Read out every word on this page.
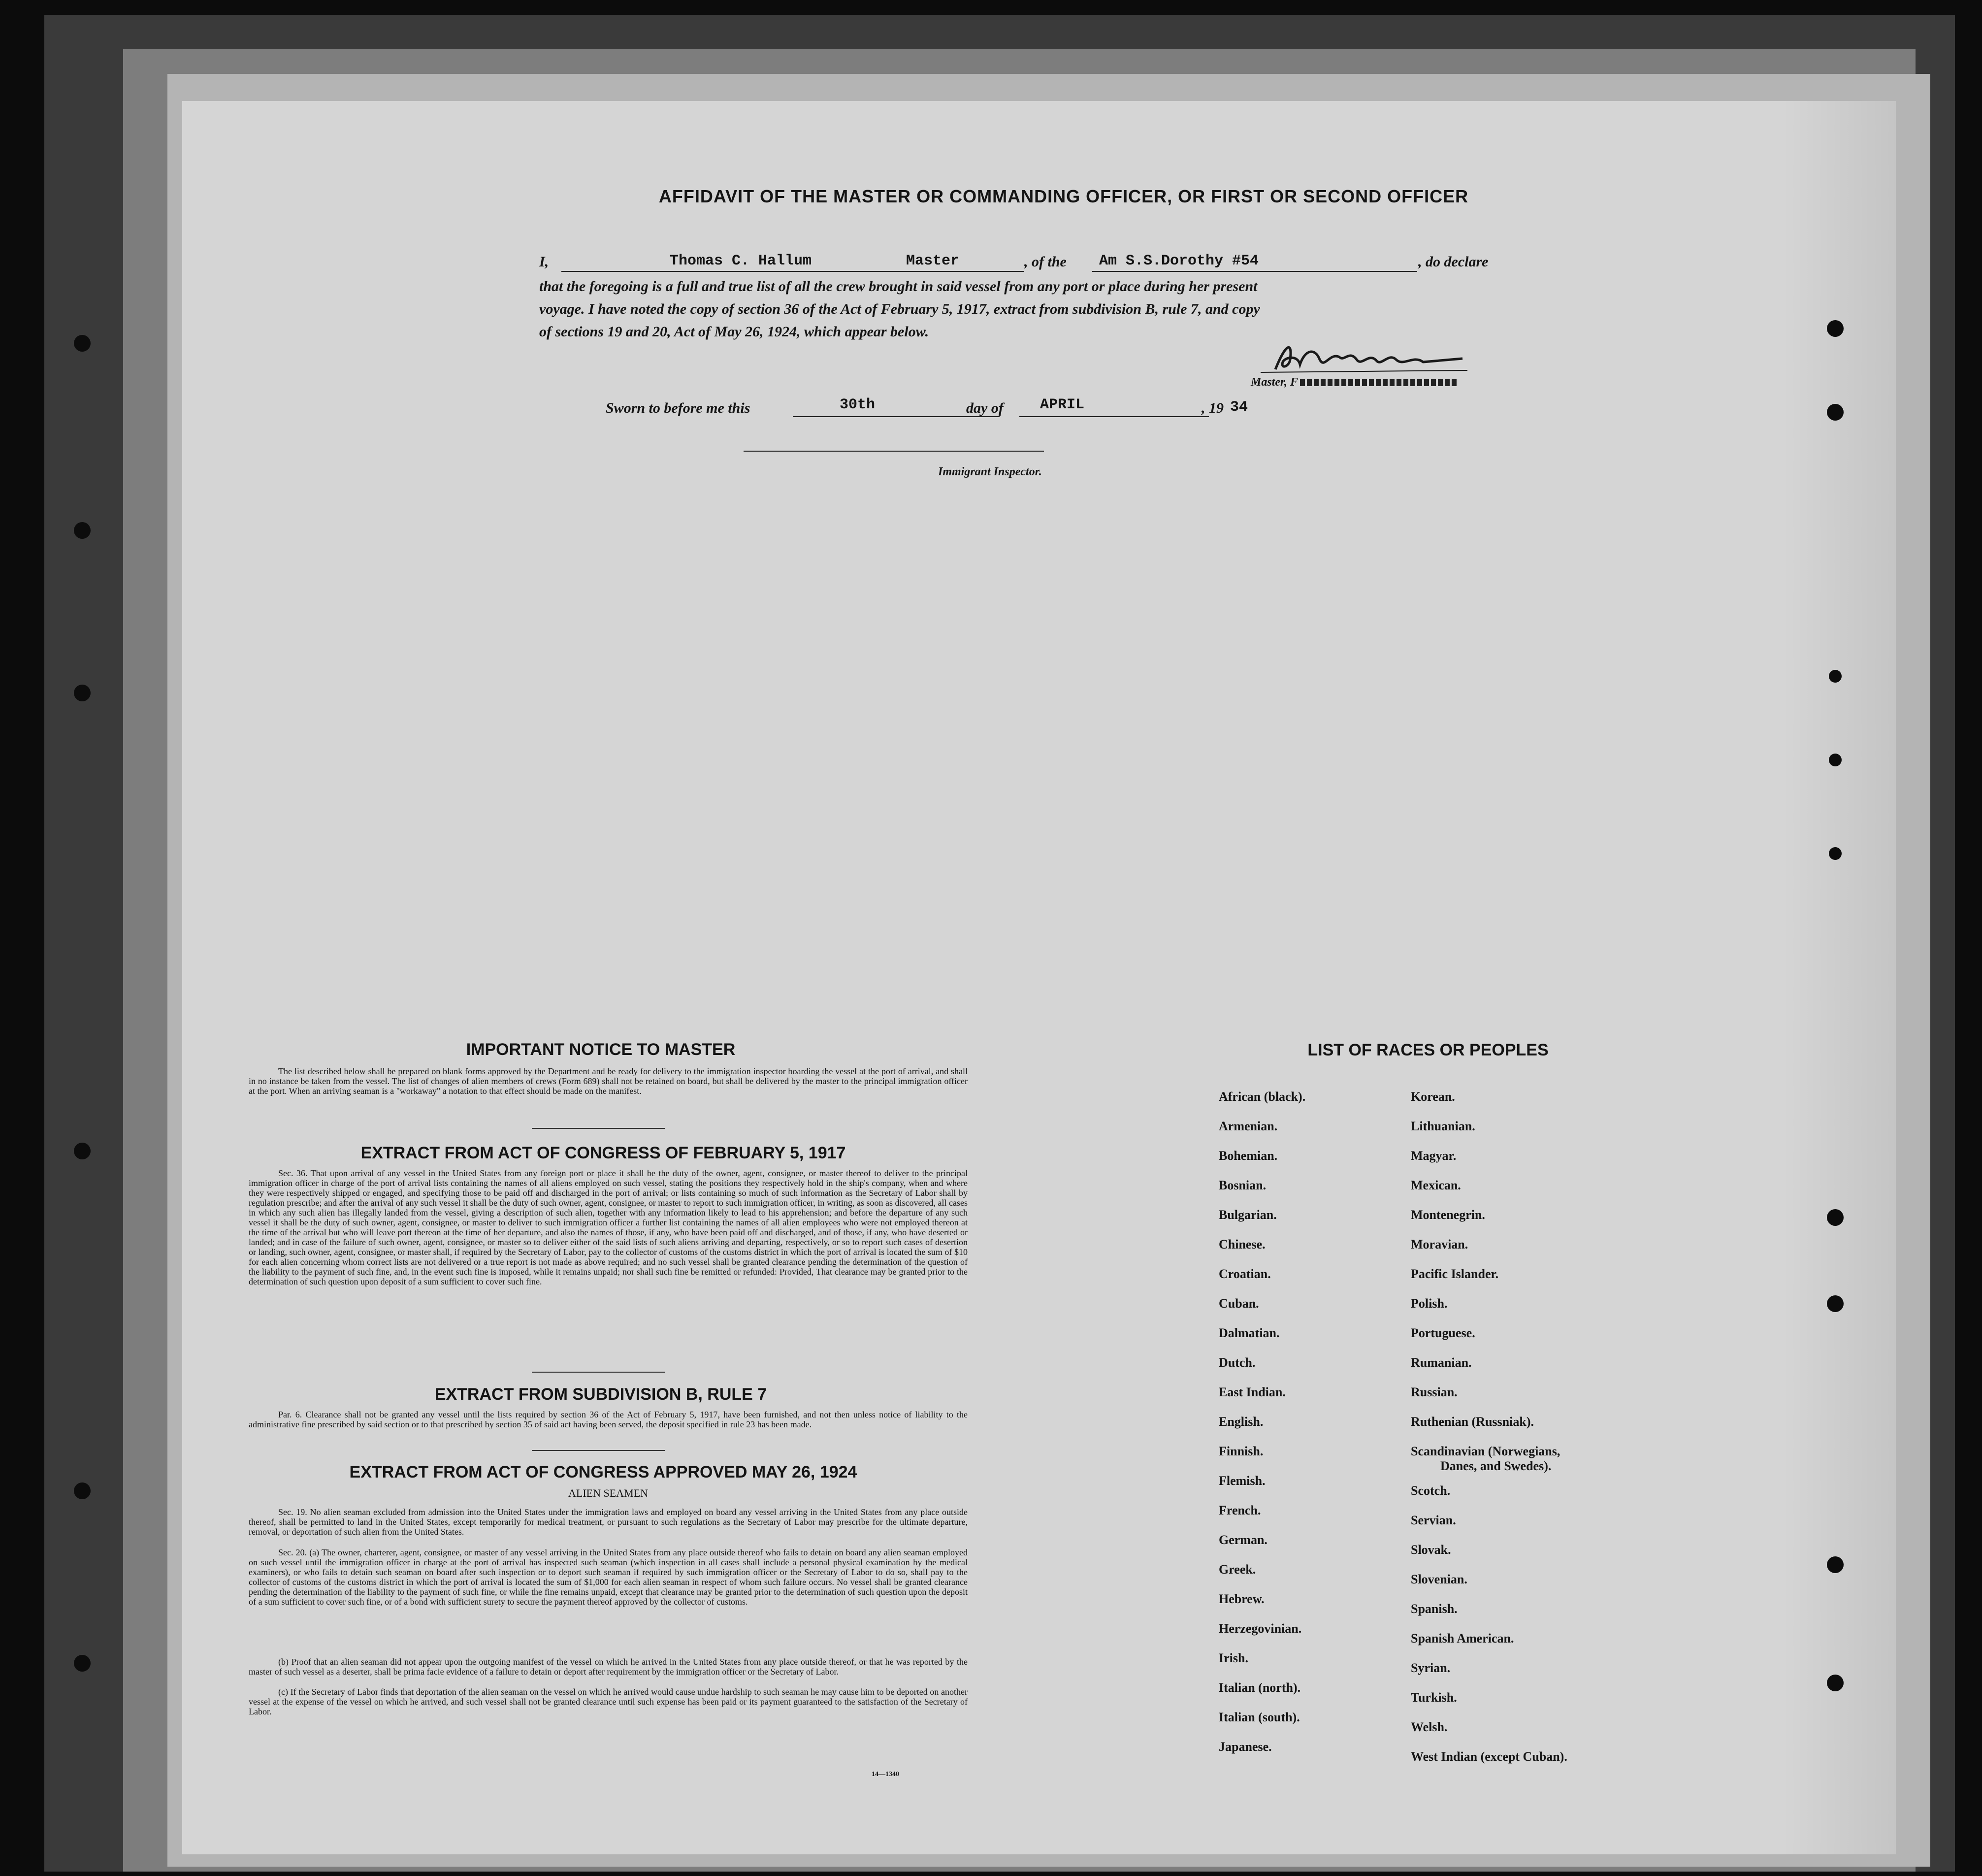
AFFIDAVIT OF THE MASTER OR COMMANDING OFFICER, OR FIRST OR SECOND OFFICER
I,	Thomas C. Hallum	Master	, of the	Am S.S.Dorothy #54	, do declare
that the foregoing is a full and true list of all the crew brought in said vessel from any port or place during her present
voyage. I have noted the copy of section 36 of the Act of February 5, 1917, extract from subdivision B, rule 7, and copy
of sections 19 and 20, Act of May 26, 1924, which appear below.
Master, F
Sworn to before me this	30th	day of	APRIL	, 19 34
Immigrant Inspector.
IMPORTANT NOTICE TO MASTER
The list described below shall be prepared on blank forms approved by the Department and be ready for delivery to the immigration inspector boarding the vessel at the port of arrival, and shall in no instance be taken from the vessel. The list of changes of alien members of crews (Form 689) shall not be retained on board, but shall be delivered by the master to the principal immigration officer at the port. When an arriving seaman is a "workaway" a notation to that effect should be made on the manifest.
EXTRACT FROM ACT OF CONGRESS OF FEBRUARY 5, 1917
Sec. 36. That upon arrival of any vessel in the United States from any foreign port or place it shall be the duty of the owner, agent, consignee, or master thereof to deliver to the principal immigration officer in charge of the port of arrival lists containing the names of all aliens employed on such vessel, stating the positions they respectively hold in the ship's company, when and where they were respectively shipped or engaged, and specifying those to be paid off and discharged in the port of arrival; or lists containing so much of such information as the Secretary of Labor shall by regulation prescribe; and after the arrival of any such vessel it shall be the duty of such owner, agent, consignee, or master to report to such immigration officer, in writing, as soon as discovered, all cases in which any such alien has illegally landed from the vessel, giving a description of such alien, together with any information likely to lead to his apprehension; and before the departure of any such vessel it shall be the duty of such owner, agent, consignee, or master to deliver to such immigration officer a further list containing the names of all alien employees who were not employed thereon at the time of the arrival but who will leave port thereon at the time of her departure, and also the names of those, if any, who have been paid off and discharged, and of those, if any, who have deserted or landed; and in case of the failure of such owner, agent, consignee, or master so to deliver either of the said lists of such aliens arriving and departing, respectively, or so to report such cases of desertion or landing, such owner, agent, consignee, or master shall, if required by the Secretary of Labor, pay to the collector of customs of the customs district in which the port of arrival is located the sum of $10 for each alien concerning whom correct lists are not delivered or a true report is not made as above required; and no such vessel shall be granted clearance pending the determination of the question of the liability to the payment of such fine, and, in the event such fine is imposed, while it remains unpaid; nor shall such fine be remitted or refunded: Provided, That clearance may be granted prior to the determination of such question upon deposit of a sum sufficient to cover such fine.
EXTRACT FROM SUBDIVISION B, RULE 7
Par. 6. Clearance shall not be granted any vessel until the lists required by section 36 of the Act of February 5, 1917, have been furnished, and not then unless notice of liability to the administrative fine prescribed by said section or to that prescribed by section 35 of said act having been served, the deposit specified in rule 23 has been made.
EXTRACT FROM ACT OF CONGRESS APPROVED MAY 26, 1924
ALIEN SEAMEN
Sec. 19. No alien seaman excluded from admission into the United States under the immigration laws and employed on board any vessel arriving in the United States from any place outside thereof, shall be permitted to land in the United States, except temporarily for medical treatment, or pursuant to such regulations as the Secretary of Labor may prescribe for the ultimate departure, removal, or deportation of such alien from the United States.
Sec. 20. (a) The owner, charterer, agent, consignee, or master of any vessel arriving in the United States from any place outside thereof who fails to detain on board any alien seaman employed on such vessel until the immigration officer in charge at the port of arrival has inspected such seaman (which inspection in all cases shall include a personal physical examination by the medical examiners), or who fails to detain such seaman on board after such inspection or to deport such seaman if required by such immigration officer or the Secretary of Labor to do so, shall pay to the collector of customs of the customs district in which the port of arrival is located the sum of $1,000 for each alien seaman in respect of whom such failure occurs. No vessel shall be granted clearance pending the determination of the liability to the payment of such fine, or while the fine remains unpaid, except that clearance may be granted prior to the determination of such question upon the deposit of a sum sufficient to cover such fine, or of a bond with sufficient surety to secure the payment thereof approved by the collector of customs.
(b) Proof that an alien seaman did not appear upon the outgoing manifest of the vessel on which he arrived in the United States from any place outside thereof, or that he was reported by the master of such vessel as a deserter, shall be prima facie evidence of a failure to detain or deport after requirement by the immigration officer or the Secretary of Labor.
(c) If the Secretary of Labor finds that deportation of the alien seaman on the vessel on which he arrived would cause undue hardship to such seaman he may cause him to be deported on another vessel at the expense of the vessel on which he arrived, and such vessel shall not be granted clearance until such expense has been paid or its payment guaranteed to the satisfaction of the Secretary of Labor.
14—1340
LIST OF RACES OR PEOPLES
African (black).
Armenian.
Bohemian.
Bosnian.
Bulgarian.
Chinese.
Croatian.
Cuban.
Dalmatian.
Dutch.
East Indian.
English.
Finnish.
Flemish.
French.
German.
Greek.
Hebrew.
Herzegovinian.
Irish.
Italian (north).
Italian (south).
Japanese.
Korean.
Lithuanian.
Magyar.
Mexican.
Montenegrin.
Moravian.
Pacific Islander.
Polish.
Portuguese.
Rumanian.
Russian.
Ruthenian (Russniak).
Scandinavian (Norwegians,
Danes, and Swedes).
Scotch.
Servian.
Slovak.
Slovenian.
Spanish.
Spanish American.
Syrian.
Turkish.
Welsh.
West Indian (except Cuban).
